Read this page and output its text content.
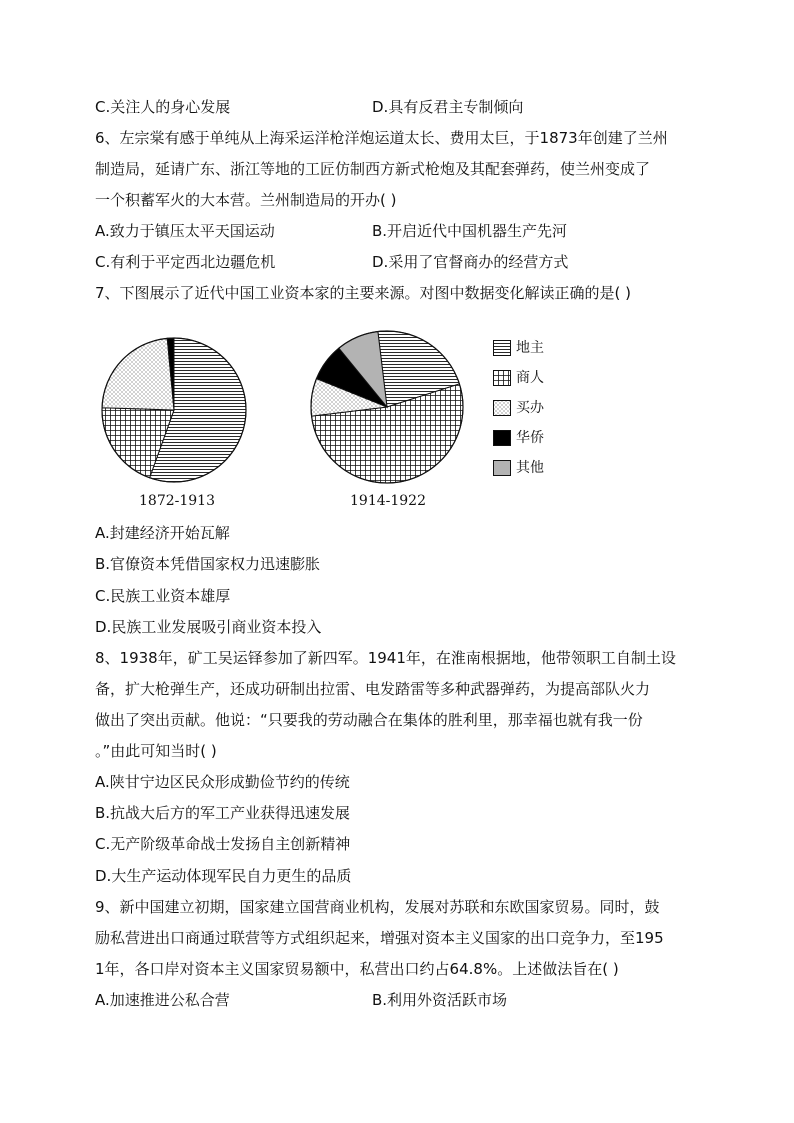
C.关注人的身心发展	D.具有反君主专制倾向
6、左宗棠有感于单纯从上海采运洋枪洋炮运道太长、费用太巨，于1873年创建了兰州
制造局，延请广东、浙江等地的工匠仿制西方新式枪炮及其配套弹药，使兰州变成了
一个积蓄军火的大本营。兰州制造局的开办( )
A.致力于镇压太平天国运动	B.开启近代中国机器生产先河
C.有利于平定西北边疆危机	D.采用了官督商办的经营方式
7、下图展示了近代中国工业资本家的主要来源。对图中数据变化解读正确的是( )
1872-1913	1914-1922
地主
商人
买办
华侨
其他
A.封建经济开始瓦解
B.官僚资本凭借国家权力迅速膨胀
C.民族工业资本雄厚
D.民族工业发展吸引商业资本投入
8、1938年，矿工吴运铎参加了新四军。1941年，在淮南根据地，他带领职工自制土设
备，扩大枪弹生产，还成功研制出拉雷、电发踏雷等多种武器弹药，为提高部队火力
做出了突出贡献。他说：“只要我的劳动融合在集体的胜利里，那幸福也就有我一份
。”由此可知当时( )
A.陕甘宁边区民众形成勤俭节约的传统
B.抗战大后方的军工产业获得迅速发展
C.无产阶级革命战士发扬自主创新精神
D.大生产运动体现军民自力更生的品质
9、新中国建立初期，国家建立国营商业机构，发展对苏联和东欧国家贸易。同时，鼓
励私营进出口商通过联营等方式组织起来，增强对资本主义国家的出口竞争力，至195
1年，各口岸对资本主义国家贸易额中，私营出口约占64.8%。上述做法旨在( )
A.加速推进公私合营	B.利用外资活跃市场
